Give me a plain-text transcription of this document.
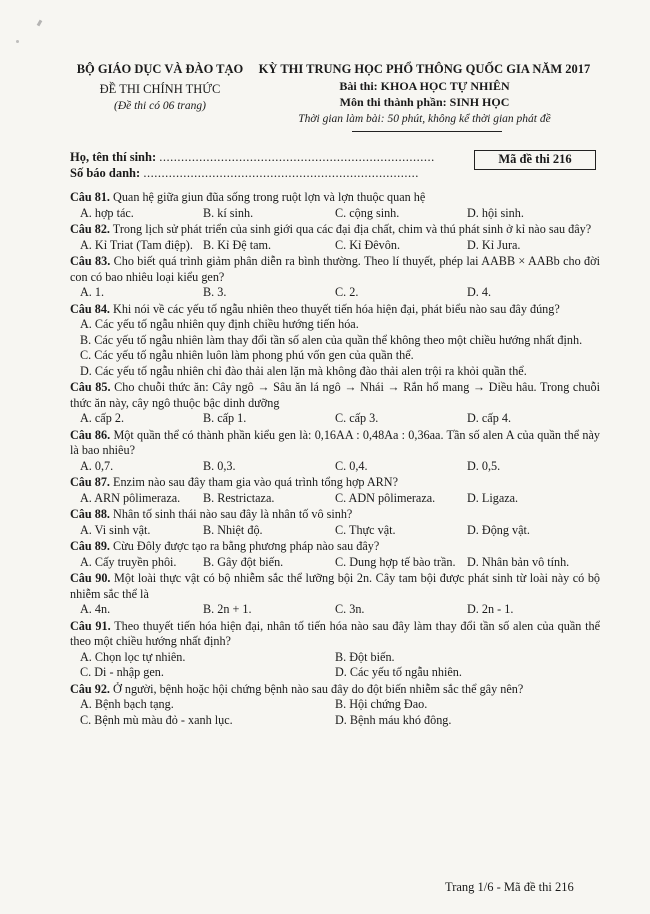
BỘ GIÁO DỤC VÀ ĐÀO TẠO
ĐỀ THI CHÍNH THỨC
(Đề thi có 06 trang)
KỲ THI TRUNG HỌC PHỔ THÔNG QUỐC GIA NĂM 2017
Bài thi: KHOA HỌC TỰ NHIÊN
Môn thi thành phần: SINH HỌC
Thời gian làm bài: 50 phút, không kể thời gian phát đề
Họ, tên thí sinh: ............................................................................
Số báo danh: ............................................................................
Mã đề thi 216
Câu 81. Quan hệ giữa giun đũa sống trong ruột lợn và lợn thuộc quan hệ
A. hợp tác.	B. kí sinh.	C. cộng sinh.	D. hội sinh.
Câu 82. Trong lịch sử phát triển của sinh giới qua các đại địa chất, chim và thú phát sinh ở kỉ nào sau đây?
A. Kỉ Triat (Tam điệp). B. Kỉ Đệ tam.	C. Kỉ Đêvôn.	D. Kỉ Jura.
Câu 83. Cho biết quá trình giảm phân diễn ra bình thường. Theo lí thuyết, phép lai AABB × AABb cho đời con có bao nhiêu loại kiểu gen?
A. 1.	B. 3.	C. 2.	D. 4.
Câu 84. Khi nói về các yếu tố ngẫu nhiên theo thuyết tiến hóa hiện đại, phát biểu nào sau đây đúng?
A. Các yếu tố ngẫu nhiên quy định chiều hướng tiến hóa.
B. Các yếu tố ngẫu nhiên làm thay đổi tần số alen của quần thể không theo một chiều hướng nhất định.
C. Các yếu tố ngẫu nhiên luôn làm phong phú vốn gen của quần thể.
D. Các yếu tố ngẫu nhiên chỉ đào thải alen lặn mà không đào thải alen trội ra khỏi quần thể.
Câu 85. Cho chuỗi thức ăn: Cây ngô → Sâu ăn lá ngô → Nhái → Rắn hổ mang → Diều hâu. Trong chuỗi thức ăn này, cây ngô thuộc bậc dinh dưỡng
A. cấp 2.	B. cấp 1.	C. cấp 3.	D. cấp 4.
Câu 86. Một quần thể có thành phần kiểu gen là: 0,16AA : 0,48Aa : 0,36aa. Tần số alen A của quần thể này là bao nhiêu?
A. 0,7.	B. 0,3.	C. 0,4.	D. 0,5.
Câu 87. Enzim nào sau đây tham gia vào quá trình tổng hợp ARN?
A. ARN pôlimeraza.	B. Restrictaza.	C. ADN pôlimeraza.	D. Ligaza.
Câu 88. Nhân tố sinh thái nào sau đây là nhân tố vô sinh?
A. Vi sinh vật.	B. Nhiệt độ.	C. Thực vật.	D. Động vật.
Câu 89. Cừu Đôly được tạo ra bằng phương pháp nào sau đây?
A. Cấy truyền phôi.	B. Gây đột biến.	C. Dung hợp tế bào trần. D. Nhân bản vô tính.
Câu 90. Một loài thực vật có bộ nhiễm sắc thể lưỡng bội 2n. Cây tam bội được phát sinh từ loài này có bộ nhiễm sắc thể là
A. 4n.	B. 2n + 1.	C. 3n.	D. 2n - 1.
Câu 91. Theo thuyết tiến hóa hiện đại, nhân tố tiến hóa nào sau đây làm thay đổi tần số alen của quần thể theo một chiều hướng nhất định?
A. Chọn lọc tự nhiên.	B. Đột biến.
C. Di - nhập gen.	D. Các yếu tố ngẫu nhiên.
Câu 92. Ở người, bệnh hoặc hội chứng bệnh nào sau đây do đột biến nhiễm sắc thể gây nên?
A. Bệnh bạch tạng.	B. Hội chứng Đao.
C. Bệnh mù màu đỏ - xanh lục.	D. Bệnh máu khó đông.
Trang 1/6 - Mã đề thi 216
